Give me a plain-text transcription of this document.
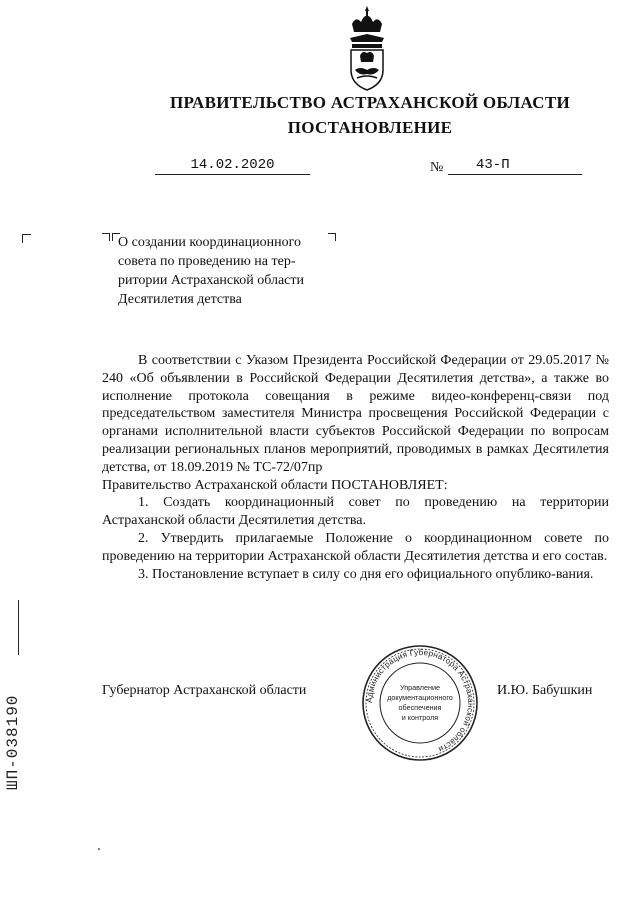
ПРАВИТЕЛЬСТВО АСТРАХАНСКОЙ ОБЛАСТИ
ПОСТАНОВЛЕНИЕ
14.02.2020	№	43-П
О создании координационного
совета по проведению на тер-
ритории Астраханской области
Десятилетия детства

В соответствии с Указом Президента Российской Федерации от 29.05.2017 № 240 «Об объявлении в Российской Федерации Десятилетия детства», а также во исполнение протокола совещания в режиме видео-конференц-связи под председательством заместителя Министра просвещения Российской Федерации с органами исполнительной власти субъектов Российской Федерации по вопросам реализации региональных планов мероприятий, проводимых в рамках Десятилетия детства, от 18.09.2019 № ТС-72/07пр

Правительство Астраханской области ПОСТАНОВЛЯЕТ:

1. Создать координационный совет по проведению на территории Астраханской области Десятилетия детства.

2. Утвердить прилагаемые Положение о координационном совете по проведению на территории Астраханской области Десятилетия детства и его состав.

3. Постановление вступает в силу со дня его официального опублико-вания.

Губернатор Астраханской области	И.Ю. Бабушкин
Администрация Губернатора Астраханской области
Управление
документационного
обеспечения
и контроля
ШП-038190
